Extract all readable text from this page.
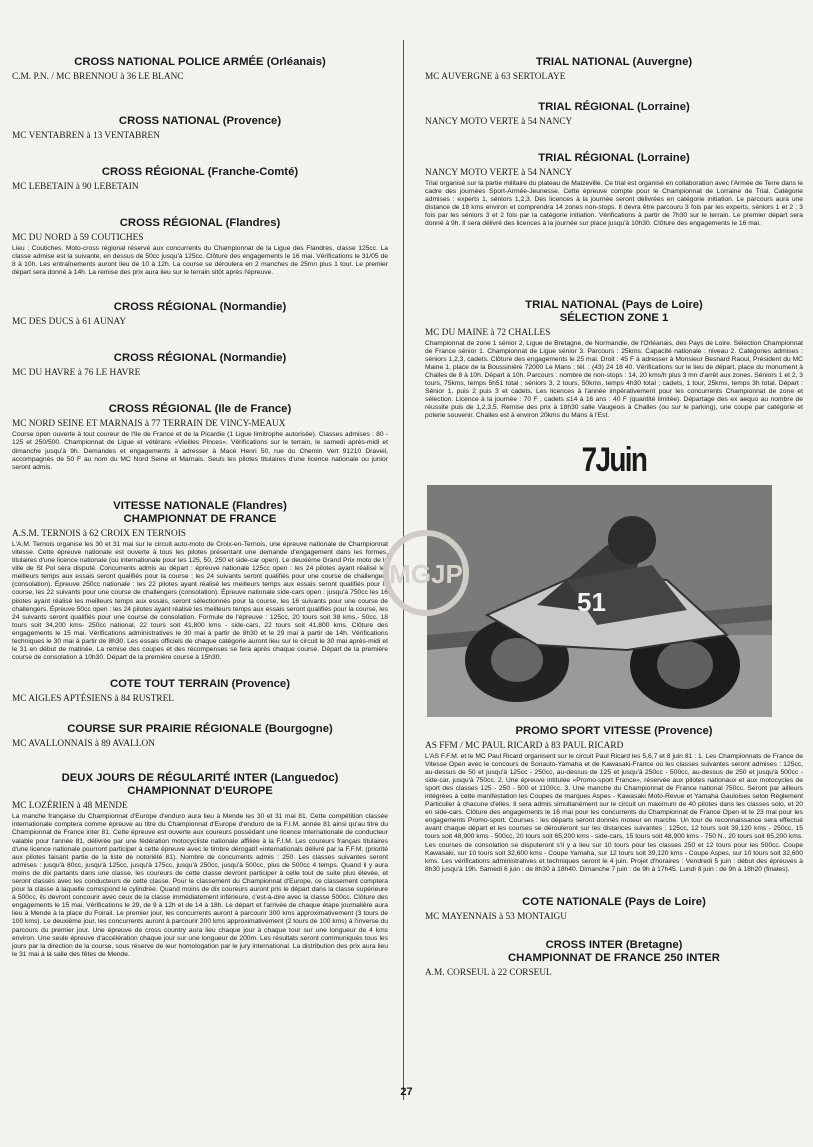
CROSS NATIONAL POLICE ARMÉE (Orléanais)
C.M. P.N. / MC BRENNOU à 36 LE BLANC
CROSS NATIONAL (Provence)
MC VENTABREN à 13 VENTABREN
CROSS RÉGIONAL (Franche-Comté)
MC LEBETAIN à 90 LEBETAIN
CROSS RÉGIONAL (Flandres)
MC DU NORD à 59 COUTICHES
Lieu : Coutiches. Moto-cross régional réservé aux concurrents du Championnat de la Ligue des Flandres, classe 125cc. La classe admise est la suivante, en dessus de 50cc jusqu'à 125cc. Clôture des engagements le 16 mai. Vérifications le 31/05 de 8 à 10h. Les entraînements auront lieu de 10 à 12h. La course se déroulera en 2 manches de 25mn plus 1 tour. Le premier départ sera donné à 14h. La remise des prix aura lieu sur le terrain sitôt après l'épreuve.
CROSS RÉGIONAL (Normandie)
MC DES DUCS à 61 AUNAY
CROSS RÉGIONAL (Normandie)
MC DU HAVRE à 76 LE HAVRE
CROSS RÉGIONAL (Ile de France)
MC NORD SEINE ET MARNAIS à 77 TERRAIN DE VINCY-MEAUX
Course open ouverte à tout coureur de l'Ile de France et de la Picardie (1 Ligue limitrophe autorisée). Classes admises : 80 - 125 et 250/500. Championnat de Ligue et vétérans «Vieilles Pinces». Vérifications sur le terrain, le samedi après-midi et dimanche jusqu'à 9h. Demandes et engagements à adresser à Macé Henri 50, rue du Chemin Vert 91210 Draveil, accompagnés de 50 F au nom du MC Nord Seine et Marnais. Seuls les pilotes titulaires d'une licence nationale ou junior seront admis.
VITESSE NATIONALE (Flandres)
CHAMPIONNAT DE FRANCE
A.S.M. TERNOIS à 62 CROIX EN TERNOIS
L'A.M. Ternois organise les 30 et 31 mai sur le circuit auto-moto de Croix-en-Ternois, une épreuve nationale de Championnat vitesse. Cette épreuve nationale est ouverte à tous les pilotes présentant une demande d'engagement dans les formes, titulaires d'une licence nationale (ou internationale pour les 125, 50, 250 et side-car open). Le deuxième Grand Prix moto de la ville de St Pol sera disputé. Concurrents admis au départ : épreuve nationale 125cc open : les 24 pilotes ayant réalisé les meilleurs temps aux essais seront qualifiés pour la course ; les 24 suivants seront qualifiés pour une course de challengers (consolation). Épreuve 250cc nationale : les 22 pilotes ayant réalisé les meilleurs temps aux essais seront qualifiés pour la course, les 22 suivants pour une course de challengers (consolation). Épreuve nationale side-cars open : jusqu'à 750cc les 16 pilotes ayant réalisé les meilleurs temps aux essais, seront sélectionnés pour la course, les 16 suivants pour une course de challengers. Épreuve 50cc open : les 24 pilotes ayant réalisé les meilleurs temps aux essais seront qualifiés pour la course, les 24 suivants seront qualifiés pour une course de consolation. Formule de l'épreuve : 125cc, 20 tours soit 38 kms,- 50cc, 18 tours soit 34,200 kms- 250cc national, 22 tours soit 41,800 kms - side-cars, 22 tours soit 41,800 kms. Clôture des engagements le 15 mai. Vérifications administratives le 30 mai à partir de 8h30 et le 29 mai à partir de 14h. Vérifications techniques le 30 mai à partir de 8h30. Les essais officiels de chaque catégorie auront lieu sur le circuit le 30 mai après-midi et le 31 en début de matinée. La remise des coupes et des récompenses se fera après chaque course. Départ de la première course de consolation à 10h30. Départ de la première course à 15h30.
COTE TOUT TERRAIN (Provence)
MC AIGLES APTÉSIENS à 84 RUSTREL
COURSE SUR PRAIRIE RÉGIONALE (Bourgogne)
MC AVALLONNAIS à 89 AVALLON
DEUX JOURS DE RÉGULARITÉ INTER (Languedoc)
CHAMPIONNAT D'EUROPE
MC LOZÉRIEN à 48 MENDE
La manche française du Championnat d'Europe d'enduro aura lieu à Mende les 30 et 31 mai 81. Cette compétition classée internationale comptera comme épreuve au titre du Championnat d'Europe d'enduro de la F.I.M. année 81 ainsi qu'au titre du Championnat de France inter 81. Cette épreuve est ouverte aux coureurs possédant une licence internationale de conducteur valable pour l'année 81, délivrée par une fédération motocycliste nationale affiliée à la F.I.M. Les coureurs français titulaires d'une licence nationale pourront participer à cette épreuve avec le timbre dérogatif «internationals délivré par la F.F.M. (priorité aux pilotes faisant partie de la liste de notoriété 81). Nombre de concurrents admis : 250. Les classes suivantes seront admises : jusqu'à 80cc, jusqu'à 125cc, jusqu'à 175cc, jusqu'à 250cc, jusqu'à 500cc, plus de 500cc 4 temps. Quand il y aura moins de dix partants dans une classe, les coureurs de cette classe devront participer à celle tout de suite plus élevée, et seront classés avec les conducteurs de cette classe. Pour le classement du Championnat d'Europe, ce classement comptera pour la classe à laquelle correspond le cylindrée. Quand moins de dix coureurs auront pris le départ dans la classe supérieure à 500cc, ils devront concourir avec ceux de la classe immédiatement inférieure, c'est-à-dire avec la classe 500cc. Clôture des engagements le 15 mai. Vérifications le 29, de 9 à 12h et de 14 à 18h. Le départ et l'arrivée de chaque étape journalière aura lieu à Mende à la place du Foirail. Le premier jour, les concurrents auront à parcourir 300 kms approximativement (3 tours de 100 kms). Le deuxième jour, les concurrents auront à parcourir 200 kms approximativement (2 tours de 100 kms) à l'inverse du parcours du premier jour. Une épreuve de cross country aura lieu chaque jour à chaque tour sur une longueur de 4 kms environ. Une seule épreuve d'accélération chaque jour sur une longueur de 200m. Les résultats seront communiqués tous les jours par la direction de la course, sous réserve de leur homologation par le jury international. La distribution des prix aura lieu le 31 mai à la salle des fêtes de Mende.
TRIAL NATIONAL (Auvergne)
MC AUVERGNE à 63 SERTOLAYE
TRIAL RÉGIONAL (Lorraine)
NANCY MOTO VERTE à 54 NANCY
TRIAL RÉGIONAL (Lorraine)
NANCY MOTO VERTE à 54 NANCY
Trial organisé sur la partie militaire du plateau de Malzeville. Ce trial est organisé en collaboration avec l'Armée de Terre dans le cadre des journées Sport-Armée-Jeunesse. Cette épreuve compte pour le Championnat de Lorraine de Trial. Catégorie admises : experts 1, séniors 1,2,3. Des licences à la journée seront délivrées en catégorie initiation. Le parcours aura une distance de 18 kms environ et comprendra 14 zones non-stops. Il devra être parcouru 3 fois par les experts, séniors 1 et 2 ; 3 fois par les séniors 3 et 2 fois par la catégorie initiation. Vérifications à partir de 7h30 sur le terrain. Le premier départ sera donné à 9h. Il sera délivré des licences à la journée sur place jusqu'à 10h30. Clôture des engagements le 16 mai.
TRIAL NATIONAL (Pays de Loire)
SÉLECTION ZONE 1
MC DU MAINE à 72 CHALLES
Championnat de zone 1 sénior 2, Ligue de Bretagne, de Normandie, de l'Orléanais, des Pays de Loire. Sélection Championnat de France sénior 1. Championnat de Ligue sénior 3. Parcours : 25kms. Capacité nationale : niveau 2. Catégories admises : séniors 1,2,3, cadets. Clôture des engagements le 25 mai. Droit : 45 F à adresser à Monsieur Besnard Raoul, Président du MC Maine 1, place de la Boussinière 72000 Le Mans ; tél. : (43) 24 18 40. Vérifications sur le lieu de départ, place du monument à Challes de 8 à 10h. Départ à 10h. Parcours : nombre de non-stops : 14, 20 kms/h plus 3 mn d'arrêt aux zones. Séniors 1 et 2, 3 tours, 75kms, temps 5h51 total ; séniors 3, 2 tours, 50kms, temps 4h30 total ; cadets, 1 tour, 25kms, temps 3h total. Départ : Sénior 1, puis 2 puis 3 et cadets. Les licences à l'année impérativement pour les concurrents Championnat de zone et sélection. Licence à la journée : 70 F , cadets ≤14 à 16 ans : 40 F (quantité limitée). Départage des ex aequo au nombre de réussite puis de 1,2,3,5. Remise des prix à 18h30 salle Vaugeois à Challes (ou sur le parking), une coupe par catégorie et poterie souvenir. Challes est à environ 20kms du Mans à l'Est.
7Juin
51
PROMO SPORT VITESSE (Provence)
AS FFM / MC PAUL RICARD à 83 PAUL RICARD
L'AS F.F.M. et le MC Paul Ricard organisent sur le circuit Paul Ricard les 5,6,7 et 8 juin 81 : 1. Les Championnats de France de Vitesse Open avec le concours de Sonauto-Yamaha et de Kawasaki-France où les classes suivantes seront admises : 125cc, au-dessus de 50 et jusqu'à 125cc - 250cc, au-dessus de 125 et jusqu'à 250cc - 500cc, au-dessus de 250 et jusqu'à 500cc - side-car, jusqu'à 750cc. 2. Une épreuve intitulée «Promo-sport France», réservée aux pilotes nationaux et aux motocycles de sport des classes 125 - 250 - 500 et 1100cc. 3. Une manche du Championnat de France national 750cc. Seront par ailleurs intégrées à cette manifestation les Coupes de marques Aspes - Kawasaki Moto-Revue et Yamaha Gauloises selon Règlement Particulier à chacune d'elles. Il sera admis simultanément sur le circuit un maximum de 40 pilotes dans les classes solo, et 20 en side-cars. Clôture des engagements le 16 mai pour les concurrents du Championnat de France Open et le 23 mai pour les engagements Promo-sport. Courses : les départs seront donnés moteur en marche. Un tour de reconnaissance sera effectué avant chaque départ et les courses se dérouleront sur les distances suivantes : 125cc, 12 tours soit 39,120 kms - 250cc, 15 tours soit 48,900 kms - 500cc, 20 tours soit 65,200 kms - side-cars, 15 tours soit 48,900 kms - 750 N., 20 tours soit 65,200 kms. Les courses de consolation se disputeront s'il y a lieu sur 10 tours pour les classes 250 et 12 tours pour les 500cc. Coupe Kawasaki, sur 10 tours soit 32,600 kms - Coupe Yamaha, sur 12 tours soit 39,120 kms - Coupe Aspes, sur 10 tours soit 32,600 kms. Les vérifications administratives et techniques seront le 4 juin. Projet d'horaires : Vendredi 5 juin : début des épreuves à 8h30 jusqu'à 19h. Samedi 6 juin : de 8h30 à 18h40. Dimanche 7 juin : de 9h à 17h45. Lundi 8 juin : de 9h à 18h20 (finales).
COTE NATIONALE (Pays de Loire)
MC MAYENNAIS à 53 MONTAIGU
CROSS INTER (Bretagne)
CHAMPIONNAT DE FRANCE 250 INTER
A.M. CORSEUL à 22 CORSEUL
MGJP
27
